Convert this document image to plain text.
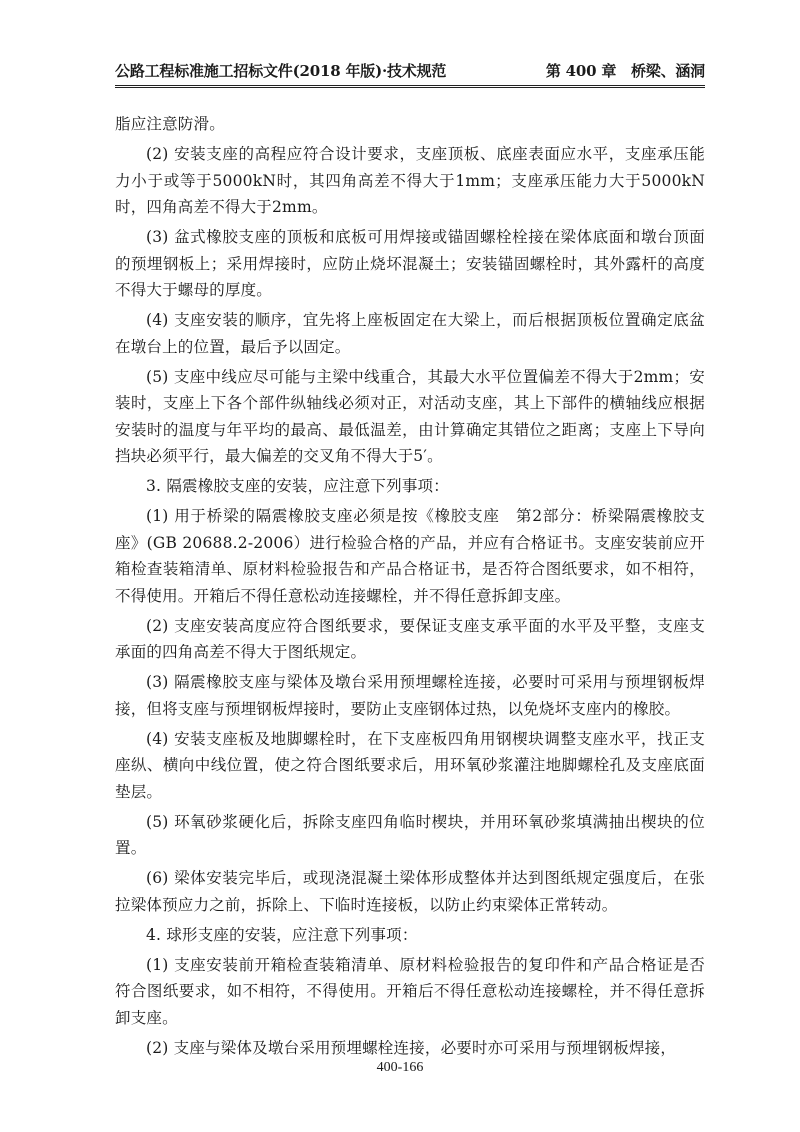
公路工程标准施工招标文件(2018 年版)·技术规范	第 400 章　桥梁、涵洞

脂应注意防滑。

(2) 安装支座的高程应符合设计要求，支座顶板、底座表面应水平，支座承压能力小于或等于5000kN时，其四角高差不得大于1mm；支座承压能力大于5000kN时，四角高差不得大于2mm。

(3) 盆式橡胶支座的顶板和底板可用焊接或锚固螺栓栓接在梁体底面和墩台顶面的预埋钢板上；采用焊接时，应防止烧坏混凝土；安装锚固螺栓时，其外露杆的高度不得大于螺母的厚度。

(4) 支座安装的顺序，宜先将上座板固定在大梁上，而后根据顶板位置确定底盆在墩台上的位置，最后予以固定。

(5) 支座中线应尽可能与主梁中线重合，其最大水平位置偏差不得大于2mm；安装时，支座上下各个部件纵轴线必须对正，对活动支座，其上下部件的横轴线应根据安装时的温度与年平均的最高、最低温差，由计算确定其错位之距离；支座上下导向挡块必须平行，最大偏差的交叉角不得大于5′。

3. 隔震橡胶支座的安装，应注意下列事项：

(1) 用于桥梁的隔震橡胶支座必须是按《橡胶支座　第2部分：桥梁隔震橡胶支座》(GB 20688.2-2006）进行检验合格的产品，并应有合格证书。支座安装前应开箱检查装箱清单、原材料检验报告和产品合格证书，是否符合图纸要求，如不相符，不得使用。开箱后不得任意松动连接螺栓，并不得任意拆卸支座。

(2) 支座安装高度应符合图纸要求，要保证支座支承平面的水平及平整，支座支承面的四角高差不得大于图纸规定。

(3) 隔震橡胶支座与梁体及墩台采用预埋螺栓连接，必要时可采用与预埋钢板焊接，但将支座与预埋钢板焊接时，要防止支座钢体过热，以免烧坏支座内的橡胶。

(4) 安装支座板及地脚螺栓时，在下支座板四角用钢楔块调整支座水平，找正支座纵、横向中线位置，使之符合图纸要求后，用环氧砂浆灌注地脚螺栓孔及支座底面垫层。

(5) 环氧砂浆硬化后，拆除支座四角临时楔块，并用环氧砂浆填满抽出楔块的位置。

(6) 梁体安装完毕后，或现浇混凝土梁体形成整体并达到图纸规定强度后，在张拉梁体预应力之前，拆除上、下临时连接板，以防止约束梁体正常转动。

4. 球形支座的安装，应注意下列事项：

(1) 支座安装前开箱检查装箱清单、原材料检验报告的复印件和产品合格证是否符合图纸要求，如不相符，不得使用。开箱后不得任意松动连接螺栓，并不得任意拆卸支座。

(2) 支座与梁体及墩台采用预埋螺栓连接，必要时亦可采用与预埋钢板焊接，

400-166
